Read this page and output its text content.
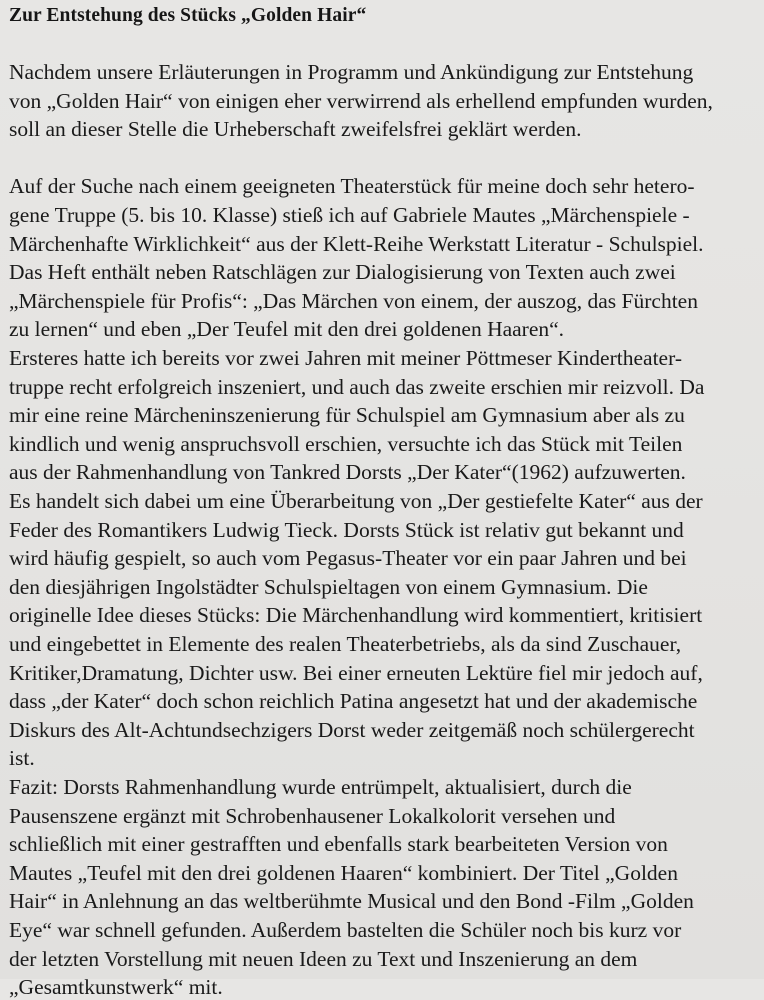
Zur Entstehung des Stücks „Golden Hair“
Nachdem unsere Erläuterungen in Programm und Ankündigung zur Entstehung
von „Golden Hair“ von einigen eher verwirrend als erhellend empfunden wurden,
soll an dieser Stelle die Urheberschaft zweifelsfrei geklärt werden.
Auf der Suche nach einem geeigneten Theaterstück für meine doch sehr hetero-
gene Truppe (5. bis 10. Klasse) stieß ich auf Gabriele Mautes „Märchenspiele -
Märchenhafte Wirklichkeit“ aus der Klett-Reihe Werkstatt Literatur - Schulspiel.
Das Heft enthält neben Ratschlägen zur Dialogisierung von Texten auch zwei
„Märchenspiele für Profis“: „Das Märchen von einem, der auszog, das Fürchten
zu lernen“ und eben „Der Teufel mit den drei goldenen Haaren“.
Ersteres hatte ich bereits vor zwei Jahren mit meiner Pöttmeser Kindertheater-
truppe recht erfolgreich inszeniert, und auch das zweite erschien mir reizvoll. Da
mir eine reine Märcheninszenierung für Schulspiel am Gymnasium aber als zu
kindlich und wenig anspruchsvoll erschien, versuchte ich das Stück mit Teilen
aus der Rahmenhandlung von Tankred Dorsts „Der Kater“(1962) aufzuwerten.
Es handelt sich dabei um eine Überarbeitung von „Der gestiefelte Kater“ aus der
Feder des Romantikers Ludwig Tieck. Dorsts Stück ist relativ gut bekannt und
wird häufig gespielt, so auch vom Pegasus-Theater vor ein paar Jahren und bei
den diesjährigen Ingolstädter Schulspieltagen von einem Gymnasium. Die
originelle Idee dieses Stücks: Die Märchenhandlung wird kommentiert, kritisiert
und eingebettet in Elemente des realen Theaterbetriebs, als da sind Zuschauer,
Kritiker,Dramatung, Dichter usw. Bei einer erneuten Lektüre fiel mir jedoch auf,
dass „der Kater“ doch schon reichlich Patina angesetzt hat und der akademische
Diskurs des Alt-Achtundsechzigers Dorst weder zeitgemäß noch schülergerecht
ist.
Fazit: Dorsts Rahmenhandlung wurde entrümpelt, aktualisiert, durch die
Pausenszene ergänzt mit Schrobenhausener Lokalkolorit versehen und
schließlich mit einer gestrafften und ebenfalls stark bearbeiteten Version von
Mautes „Teufel mit den drei goldenen Haaren“ kombiniert. Der Titel „Golden
Hair“ in Anlehnung an das weltberühmte Musical und den Bond -Film „Golden
Eye“ war schnell gefunden. Außerdem bastelten die Schüler noch bis kurz vor
der letzten Vorstellung mit neuen Ideen zu Text und Inszenierung an dem
„Gesamtkunstwerk“ mit.
